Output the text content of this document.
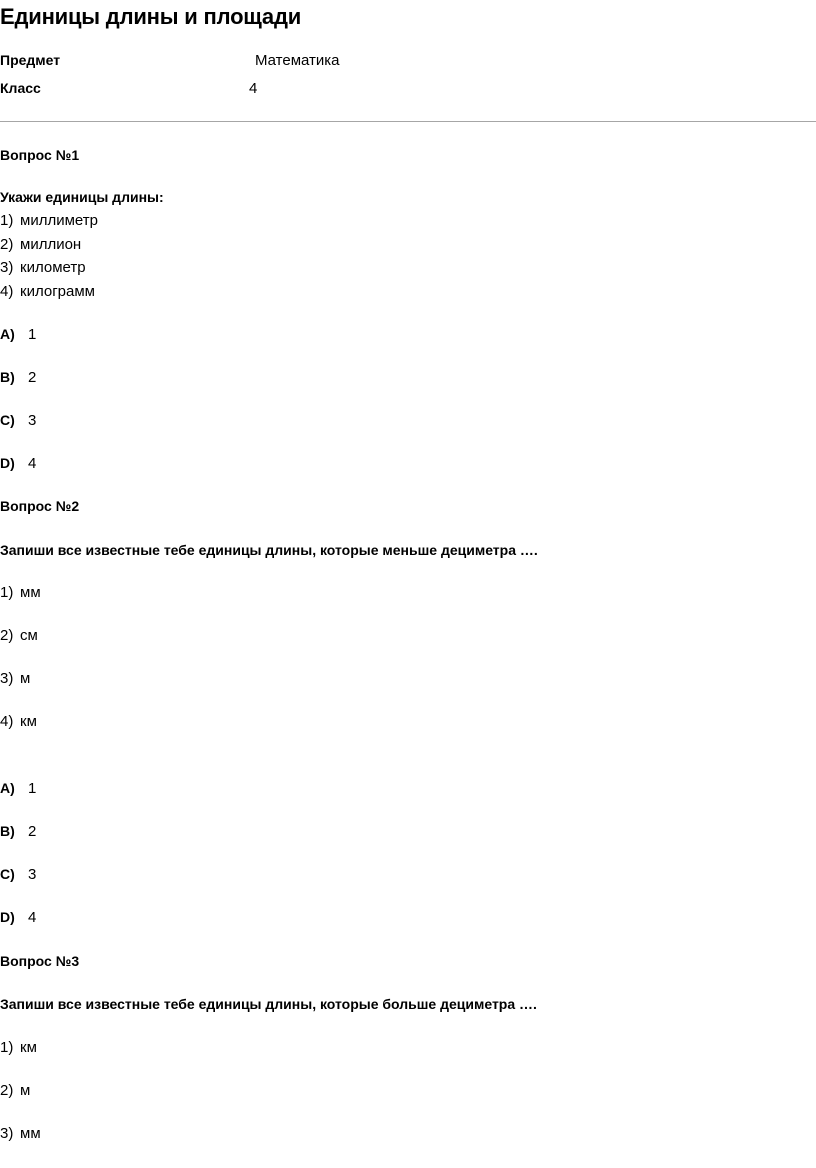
Единицы длины и площади
Предмет	Математика
Класс	4
Вопрос №1
Укажи единицы длины:
1) миллиметр
2) миллион
3) километр
4) килограмм
A) 1
B) 2
C) 3
D) 4
Вопрос №2
Запиши все известные тебе единицы длины, которые меньше дециметра ….
1) мм
2) см
3) м
4) км
A) 1
B) 2
C) 3
D) 4
Вопрос №3
Запиши все известные тебе единицы длины, которые больше дециметра ….
1) км
2) м
3) мм
